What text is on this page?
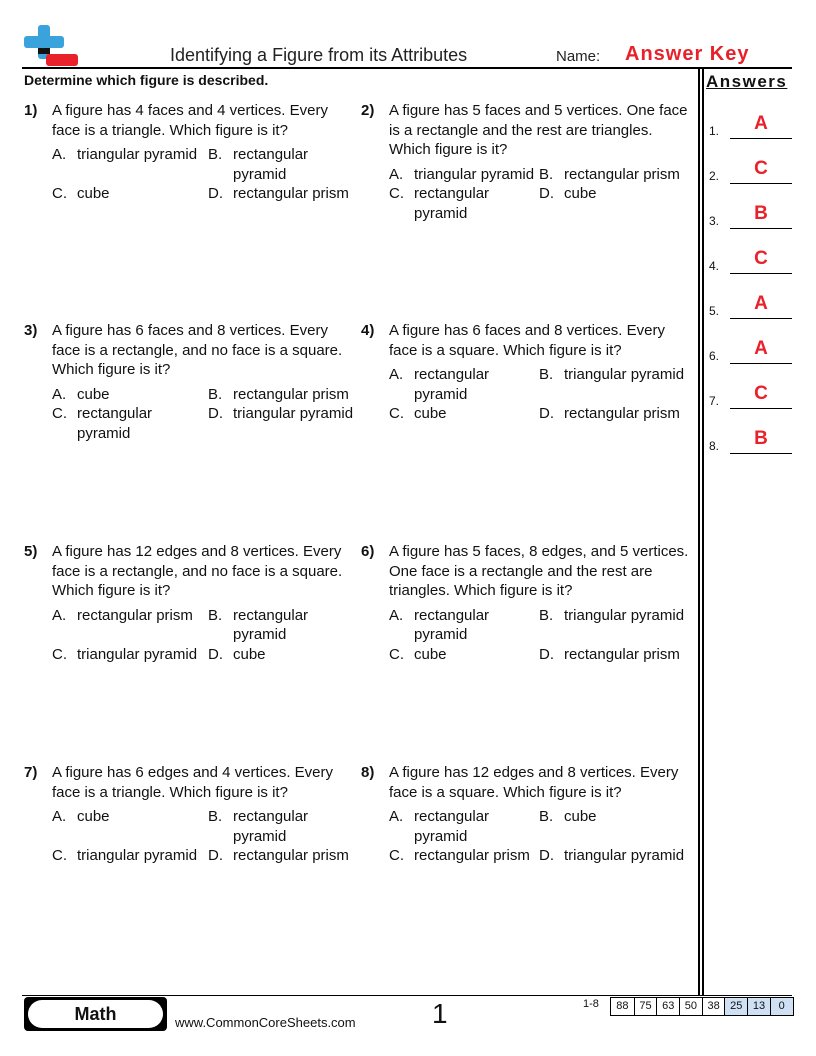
Identifying a Figure from its Attributes	Name: Answer Key
Determine which figure is described.	Answers
1.	A
2.	C
3.	B
4.	C
5.	A
6.	A
7.	C
8.	B
1) A figure has 4 faces and 4 vertices. Every face is a triangle. Which figure is it?
A. triangular pyramid B. rectangular pyramid
C. cube	D. rectangular prism
2) A figure has 5 faces and 5 vertices. One face is a rectangle and the rest are triangles. Which figure is it?
A. triangular pyramid B. rectangular prism
C. rectangular pyramid
D. cube
3) A figure has 6 faces and 8 vertices. Every face is a rectangle, and no face is a square. Which figure is it?
A. cube	B. rectangular prism
C. rectangular pyramid
D. triangular pyramid
4) A figure has 6 faces and 8 vertices. Every face is a square. Which figure is it?
A. rectangular pyramid
B. triangular pyramid
C. cube	D. rectangular prism
5) A figure has 12 edges and 8 vertices. Every face is a rectangle, and no face is a square. Which figure is it?
A. rectangular prism	B. rectangular pyramid
C. triangular pyramid D. cube
6) A figure has 5 faces, 8 edges, and 5 vertices. One face is a rectangle and the rest are triangles. Which figure is it?
A. rectangular pyramid
B. triangular pyramid
C. cube	D. rectangular prism
7) A figure has 6 edges and 4 vertices. Every face is a triangle. Which figure is it?
A. cube	B. rectangular pyramid
C. triangular pyramid D. rectangular prism
8) A figure has 12 edges and 8 vertices. Every face is a square. Which figure is it?
A. rectangular pyramid
B. cube
C. rectangular prism D. triangular pyramid
Math	www.CommonCoreSheets.com	1	1-8	88 75 63 50 38 25 13	0
